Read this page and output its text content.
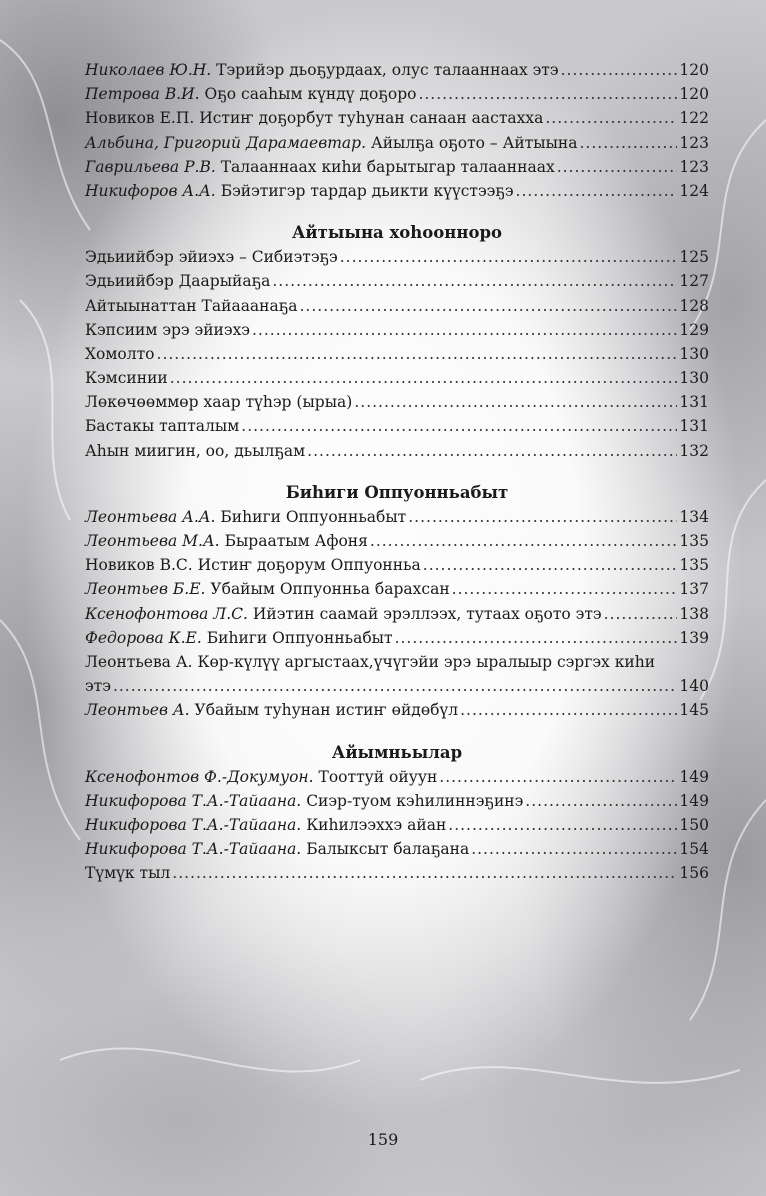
Николаев Ю.Н. Тэрийэр дьоҕурдаах, олус талааннаах этэ .....	120
Петрова В.И. Оҕо сааһым күндү доҕоро .....	120
Новиков Е.П. Истиҥ доҕорбут туһунан санаан аастахха .....	122
Альбина, Григорий Дарамаевтар. Айылҕа оҕото – Айтыына .....	123
Гаврильева Р.В. Талааннаах киһи барытыгар талааннаах .....	123
Никифоров А.А. Бэйэтигэр тардар дьикти күүстээҕэ .....	124
Айтыына хоһооннoро
Эдьиийбэр эйиэхэ – Сибиэтэҕэ .....	125
Эдьиийбэр Даарыйаҕа .....	127
Айтыынаттан Тайааанаҕа .....	128
Кэпсиим эрэ эйиэхэ .....	129
Хомолто .....	130
Кэмсинии .....	130
Лөкөчөөммөр хаар түһэр (ырыа) .....	131
Бастакы тапталым .....	131
Аһын миигин, оо, дьылҕам .....	132
Биһиги Оппуонньабыт
Леонтьева А.А. Биһиги Оппуонньабыт .....	134
Леонтьева М.А. Быраатым Афоня .....	135
Новиков В.С. Истиҥ доҕорум Оппуонньа .....	135
Леонтьев Б.Е. Убайым Оппуонньа барахсан .....	137
Ксенофонтова Л.С. Ийэтин саамай эрэллээх, тутаах оҕото этэ .....	138
Федорова К.Е. Биһиги Оппуонньабыт .....	139
Леонтьева А. Көр-күлүү аргыстаах,үчүгэйи эрэ ыралыыр сэргэх киһи
этэ .....	140
Леонтьев А. Убайым туһунан истиҥ өйдөбүл .....	145
Айымньылар
Ксенофонтов Ф.-Докумуон. Тооттуй ойуун .....	149
Никифорова Т.А.-Тайаана. Сиэр-туом кэһилиннэҕинэ .....	149
Никифорова Т.А.-Тайаана. Киһилээххэ айан .....	150
Никифорова Т.А.-Тайаана. Балыксыт балаҕана .....	154
Түмүк тыл .....	156
159
